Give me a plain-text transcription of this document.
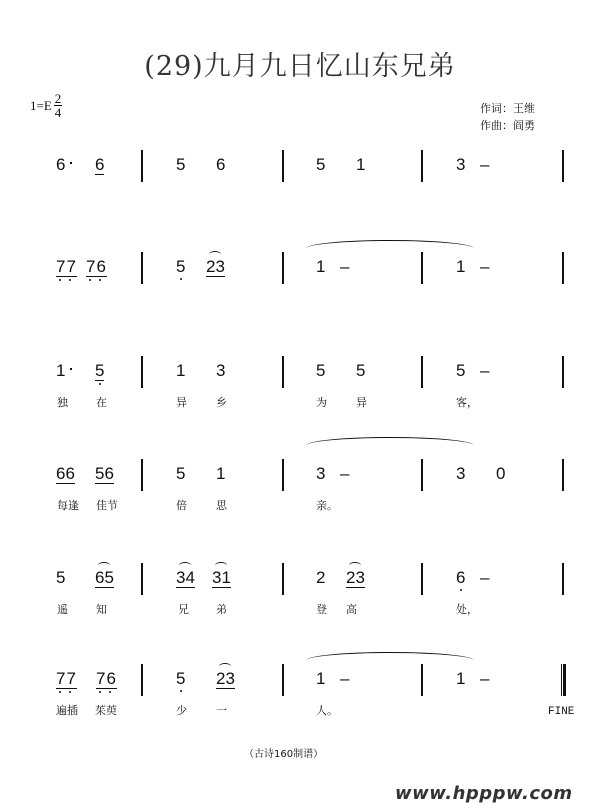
(29)九月九日忆山东兄弟
$1=E \frac{2}{4}$	作词：王维
作曲：阎勇
6 6	5 6	5 1	3 –
77 76	5 23	1 –	1 –
1 5	1 3	5 5	5 –
独	在	异	乡	为	异	客，
66 56	5 1	3 –	3 0
每逢 佳节	倍	思	亲。
5 65	34 31	2 23	6 –
遥	知	兄 弟	登 高	处，
77 76	5 23	1 –	1 –
FINE
遍插 茱萸	少	一	人。
（古诗160制谱）
www.hpppw.com
